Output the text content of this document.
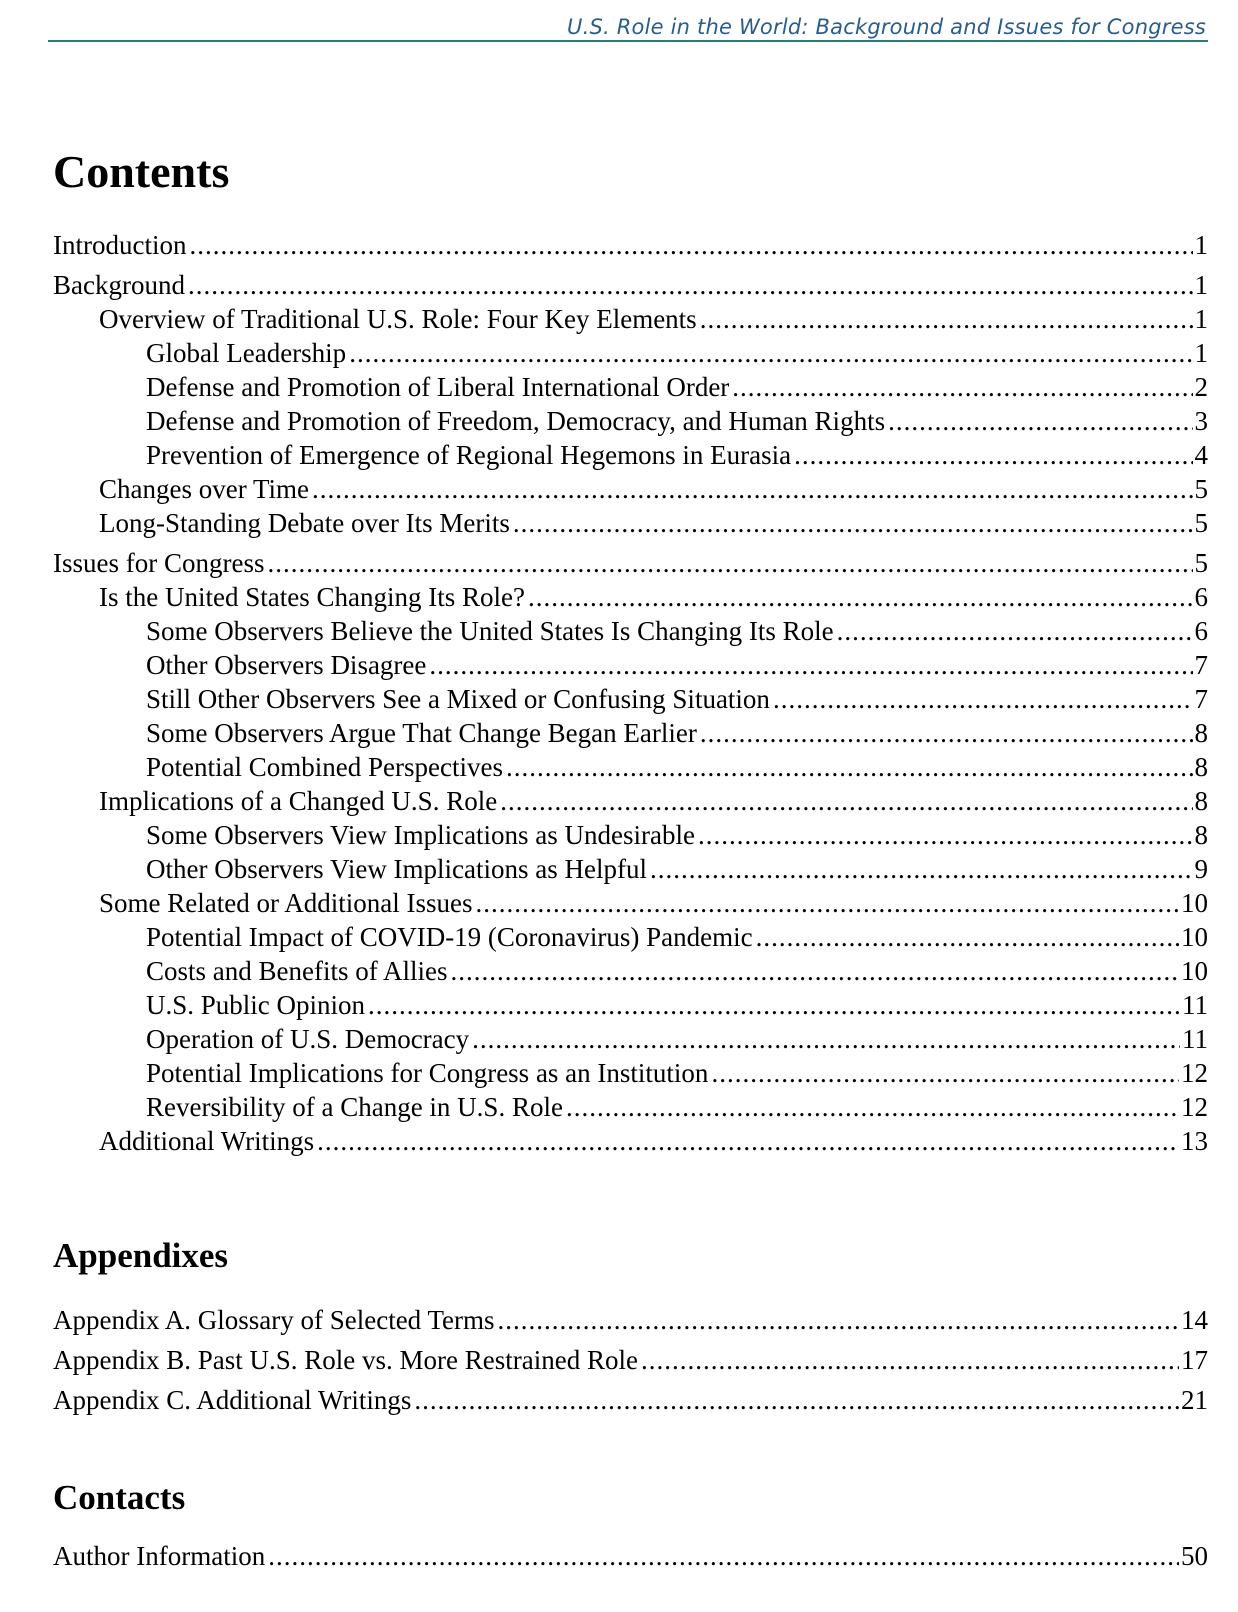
U.S. Role in the World: Background and Issues for Congress
Contents
Introduction .....	1
Background .....	1
Overview of Traditional U.S. Role: Four Key Elements .....	1
Global Leadership .....	1
Defense and Promotion of Liberal International Order .....	2
Defense and Promotion of Freedom, Democracy, and Human Rights .....	3
Prevention of Emergence of Regional Hegemons in Eurasia .....	4
Changes over Time .....	5
Long-Standing Debate over Its Merits .....	5
Issues for Congress .....	5
Is the United States Changing Its Role? .....	6
Some Observers Believe the United States Is Changing Its Role .....	6
Other Observers Disagree .....	7
Still Other Observers See a Mixed or Confusing Situation .....	7
Some Observers Argue That Change Began Earlier .....	8
Potential Combined Perspectives .....	8
Implications of a Changed U.S. Role .....	8
Some Observers View Implications as Undesirable .....	8
Other Observers View Implications as Helpful .....	9
Some Related or Additional Issues .....	10
Potential Impact of COVID-19 (Coronavirus) Pandemic .....	10
Costs and Benefits of Allies .....	10
U.S. Public Opinion .....	11
Operation of U.S. Democracy .....	11
Potential Implications for Congress as an Institution .....	12
Reversibility of a Change in U.S. Role .....	12
Additional Writings .....	13
Appendixes
Appendix A. Glossary of Selected Terms .....	14
Appendix B. Past U.S. Role vs. More Restrained Role .....	17
Appendix C. Additional Writings .....	21
Contacts
Author Information .....	50
